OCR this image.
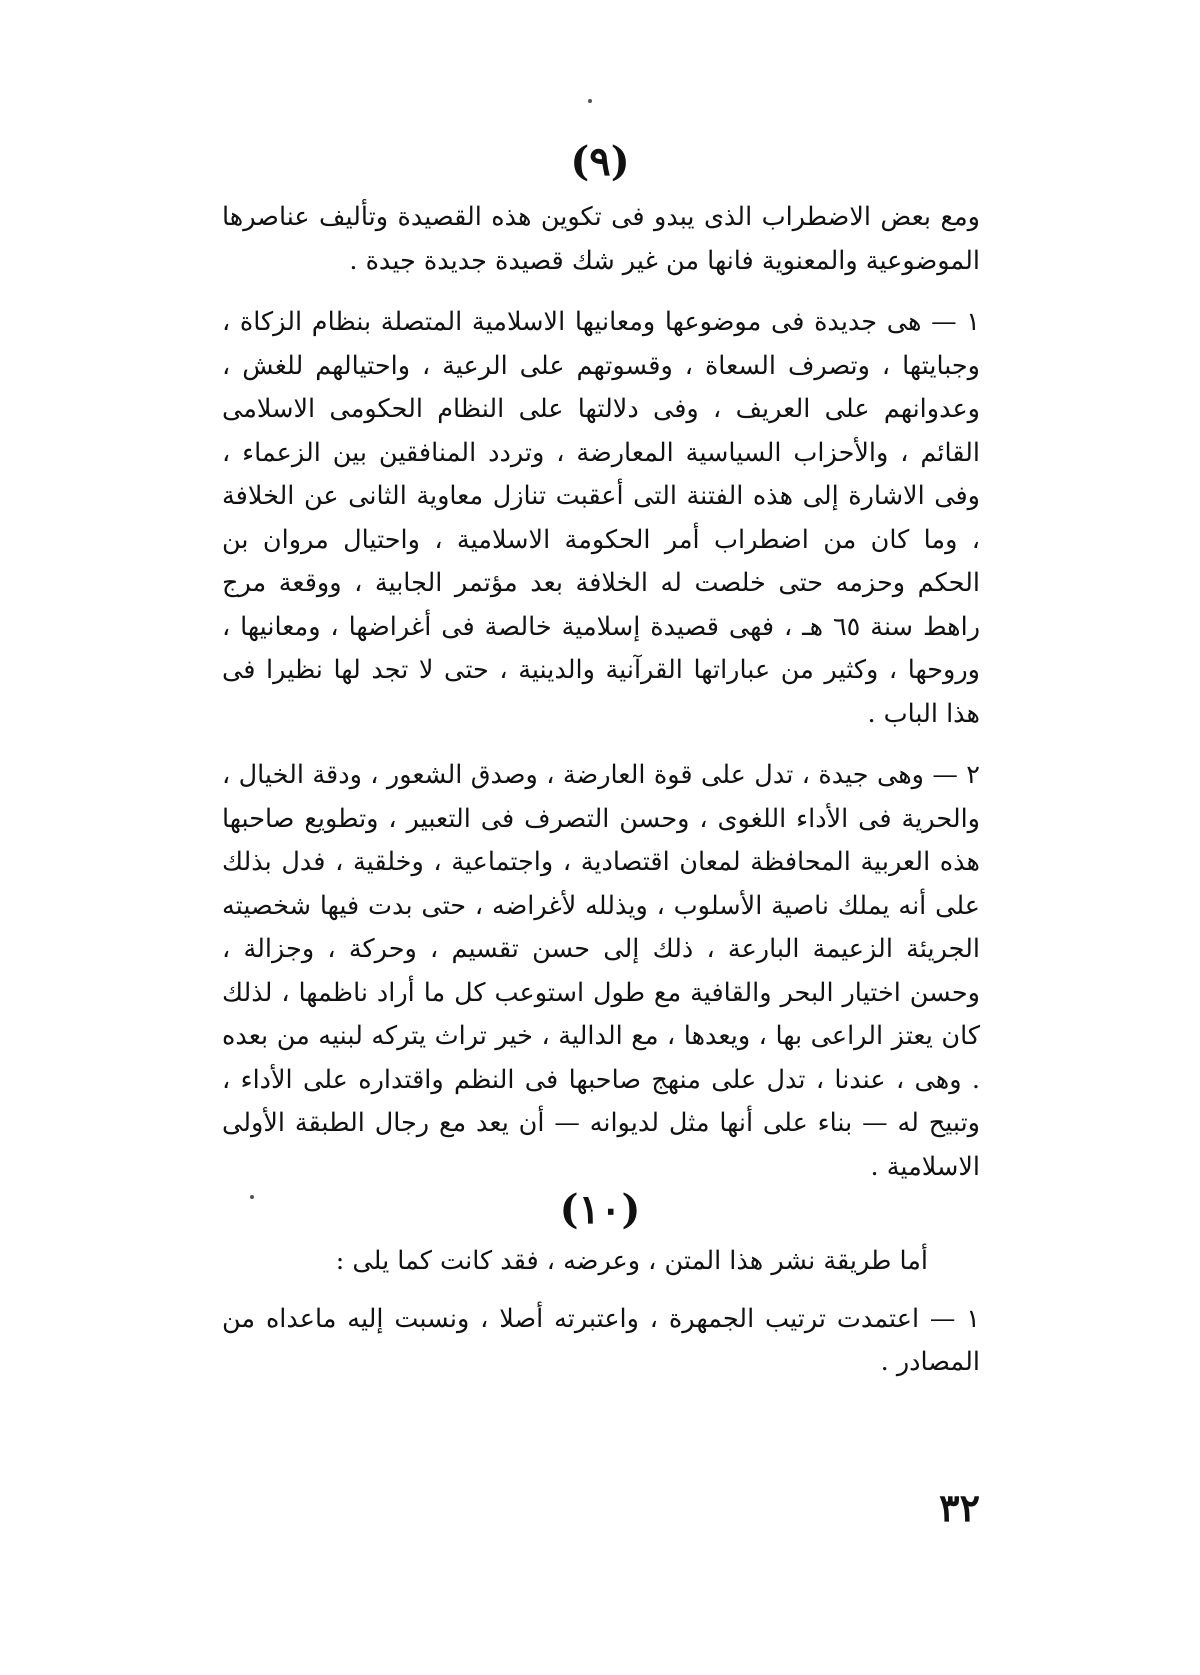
(٩)

ومع بعض الاضطراب الذى يبدو فى تكوين هذه القصيدة وتأليف عناصرها الموضوعية والمعنوية فانها من غير شك قصيدة جديدة جيدة .

١ — هى جديدة فى موضوعها ومعانيها الاسلامية المتصلة بنظام الزكاة ، وجبايتها ، وتصرف السعاة ، وقسوتهم على الرعية ، واحتيالهم للغش ، وعدوانهم على العريف ، وفى دلالتها على النظام الحكومى الاسلامى القائم ، والأحزاب السياسية المعارضة ، وتردد المنافقين بين الزعماء ، وفى الاشارة إلى هذه الفتنة التى أعقبت تنازل معاوية الثانى عن الخلافة ، وما كان من اضطراب أمر الحكومة الاسلامية ، واحتيال مروان بن الحكم وحزمه حتى خلصت له الخلافة بعد مؤتمر الجابية ، ووقعة مرج راهط سنة ٦٥ هـ ، فهى قصيدة إسلامية خالصة فى أغراضها ، ومعانيها ، وروحها ، وكثير من عباراتها القرآنية والدينية ، حتى لا تجد لها نظيرا فى هذا الباب .

٢ — وهى جيدة ، تدل على قوة العارضة ، وصدق الشعور ، ودقة الخيال ، والحرية فى الأداء اللغوى ، وحسن التصرف فى التعبير ، وتطويع صاحبها هذه العربية المحافظة لمعان اقتصادية ، واجتماعية ، وخلقية ، فدل بذلك على أنه يملك ناصية الأسلوب ، ويذلله لأغراضه ، حتى بدت فيها شخصيته الجريئة الزعيمة البارعة ، ذلك إلى حسن تقسيم ، وحركة ، وجزالة ، وحسن اختيار البحر والقافية مع طول استوعب كل ما أراد ناظمها ، لذلك كان يعتز الراعى بها ، ويعدها ، مع الدالية ، خير تراث يتركه لبنيه من بعده . وهى ، عندنا ، تدل على منهج صاحبها فى النظم واقتداره على الأداء ، وتبيح له — بناء على أنها مثل لديوانه — أن يعد مع رجال الطبقة الأولى الاسلامية .

(١٠)

أما طريقة نشر هذا المتن ، وعرضه ، فقد كانت كما يلى :

١ — اعتمدت ترتيب الجمهرة ، واعتبرته أصلا ، ونسبت إليه ماعداه من المصادر .

٣٢
